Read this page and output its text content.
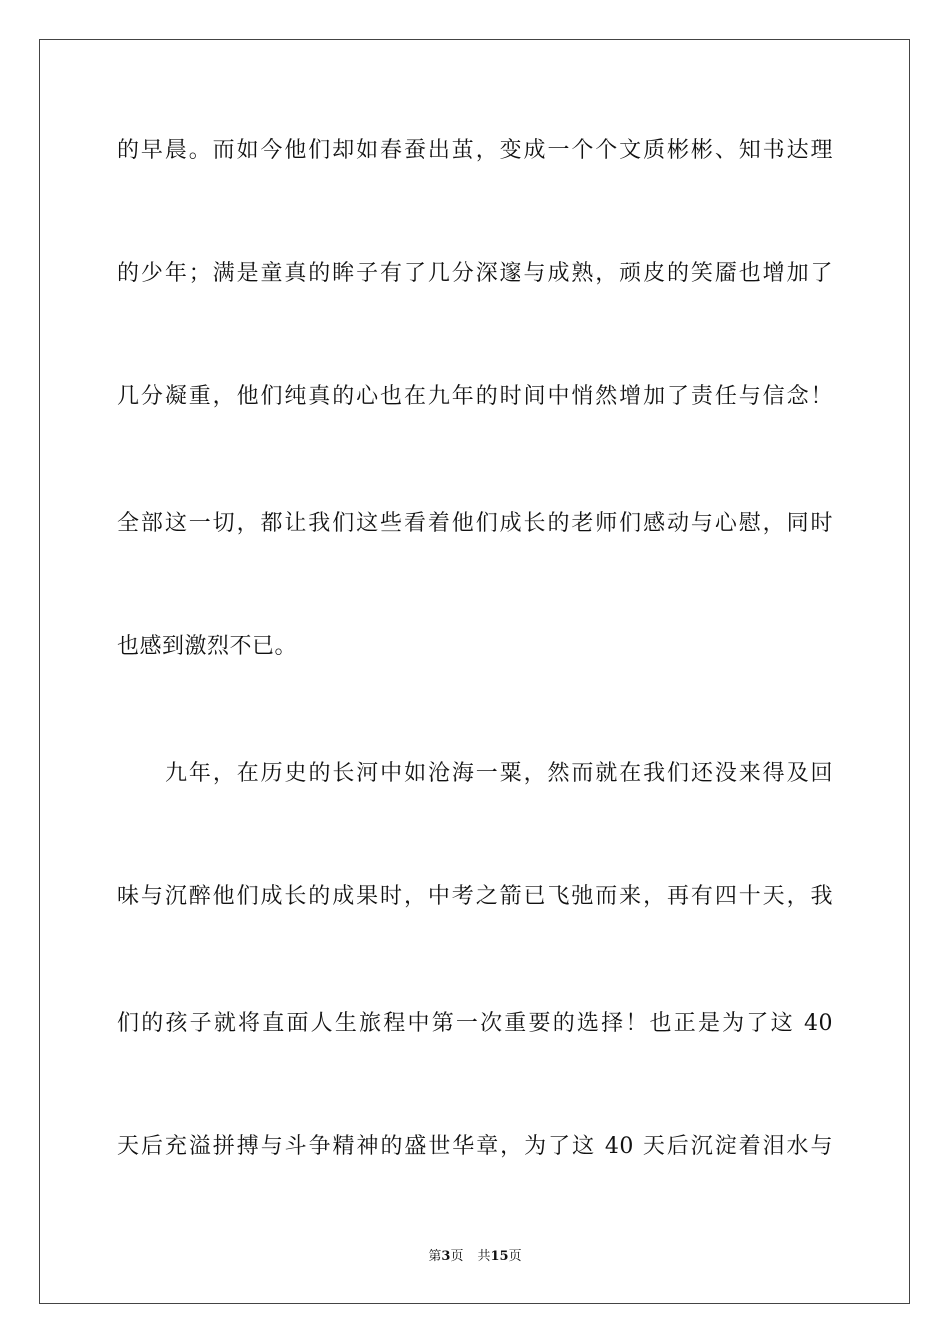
的早晨。而如今他们却如春蚕出茧，变成一个个文质彬彬、知书达理
的少年；满是童真的眸子有了几分深邃与成熟，顽皮的笑靥也增加了
几分凝重，他们纯真的心也在九年的时间中悄然增加了责任与信念！
全部这一切，都让我们这些看着他们成长的老师们感动与心慰，同时
也感到激烈不已。
九年，在历史的长河中如沧海一粟，然而就在我们还没来得及回
味与沉醉他们成长的成果时，中考之箭已飞弛而来，再有四十天，我
们的孩子就将直面人生旅程中第一次重要的选择！也正是为了这 40
天后充溢拼搏与斗争精神的盛世华章，为了这 40 天后沉淀着泪水与
第3页 共15页
